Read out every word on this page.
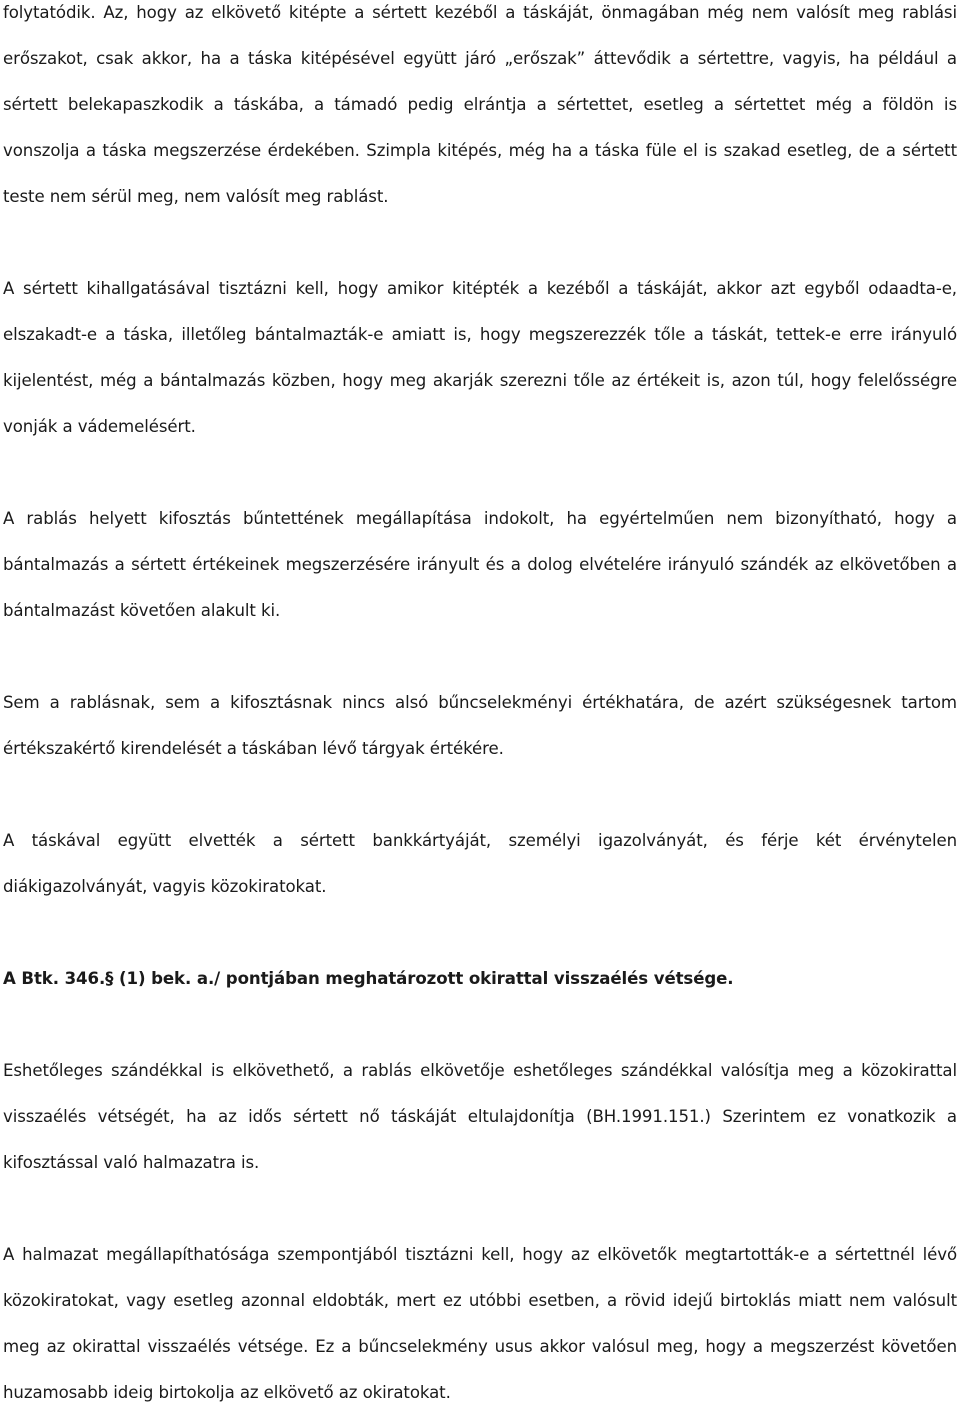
folytatódik. Az, hogy az elkövető kitépte a sértett kezéből a táskáját, önmagában még nem valósít meg rablási erőszakot, csak akkor, ha a táska kitépésével együtt járó „erőszak” áttevődik a sértettre, vagyis, ha például a sértett belekapaszkodik a táskába, a támadó pedig elrántja a sértettet, esetleg a sértettet még a földön is vonszolja a táska megszerzése érdekében. Szimpla kitépés, még ha a táska füle el is szakad esetleg, de a sértett teste nem sérül meg, nem valósít meg rablást.

A sértett kihallgatásával tisztázni kell, hogy amikor kitépték a kezéből a táskáját, akkor azt egyből odaadta-e, elszakadt-e a táska, illetőleg bántalmazták-e amiatt is, hogy megszerezzék tőle a táskát, tettek-e erre irányuló kijelentést, még a bántalmazás közben, hogy meg akarják szerezni tőle az értékeit is, azon túl, hogy felelősségre vonják a vádemelésért.

A rablás helyett kifosztás bűntettének megállapítása indokolt, ha egyértelműen nem bizonyítható, hogy a bántalmazás a sértett értékeinek megszerzésére irányult és a dolog elvételére irányuló szándék az elkövetőben a bántalmazást követően alakult ki.

Sem a rablásnak, sem a kifosztásnak nincs alsó bűncselekményi értékhatára, de azért szükségesnek tartom értékszakértő kirendelését a táskában lévő tárgyak értékére.

A táskával együtt elvették a sértett bankkártyáját, személyi igazolványát, és férje két érvénytelen diákigazolványát, vagyis közokiratokat.

A Btk. 346.§ (1) bek. a./ pontjában meghatározott okirattal visszaélés vétsége.

Eshetőleges szándékkal is elkövethető, a rablás elkövetője eshetőleges szándékkal valósítja meg a közokirattal visszaélés vétségét, ha az idős sértett nő táskáját eltulajdonítja (BH.1991.151.) Szerintem ez vonatkozik a kifosztással való halmazatra is.

A halmazat megállapíthatósága szempontjából tisztázni kell, hogy az elkövetők megtartották-e a sértettnél lévő közokiratokat, vagy esetleg azonnal eldobták, mert ez utóbbi esetben, a rövid idejű birtoklás miatt nem valósult meg az okirattal visszaélés vétsége. Ez a bűncselekmény usus akkor valósul meg, hogy a megszerzést követően huzamosabb ideig birtokolja az elkövető az okiratokat.
